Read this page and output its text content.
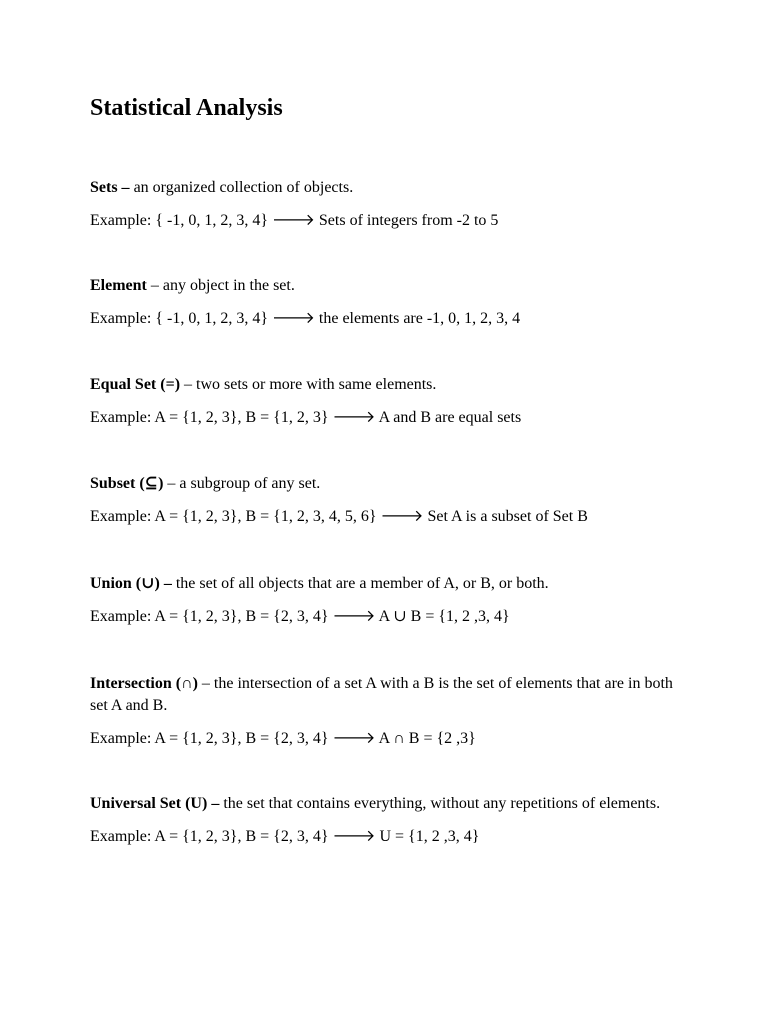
Statistical Analysis

Sets – an organized collection of objects.

Example: { -1, 0, 1, 2, 3, 4} 🡒 Sets of integers from -2 to 5

Element – any object in the set.

Example: { -1, 0, 1, 2, 3, 4} 🡒 the elements are -1, 0, 1, 2, 3, 4

Equal Set (=) – two sets or more with same elements.

Example: A = {1, 2, 3}, B = {1, 2, 3} 🡒 A and B are equal sets

Subset (⊆) – a subgroup of any set.

Example: A = {1, 2, 3}, B = {1, 2, 3, 4, 5, 6} 🡒 Set A is a subset of Set B

Union (∪) – the set of all objects that are a member of A, or B, or both.

Example: A = {1, 2, 3}, B = {2, 3, 4} 🡒 A ∪ B = {1, 2 ,3, 4}

Intersection (∩) – the intersection of a set A with a B is the set of elements that are in both set A and B.

Example: A = {1, 2, 3}, B = {2, 3, 4} 🡒 A ∩ B = {2 ,3}

Universal Set (U) – the set that contains everything, without any repetitions of elements.

Example: A = {1, 2, 3}, B = {2, 3, 4} 🡒 U = {1, 2 ,3, 4}
